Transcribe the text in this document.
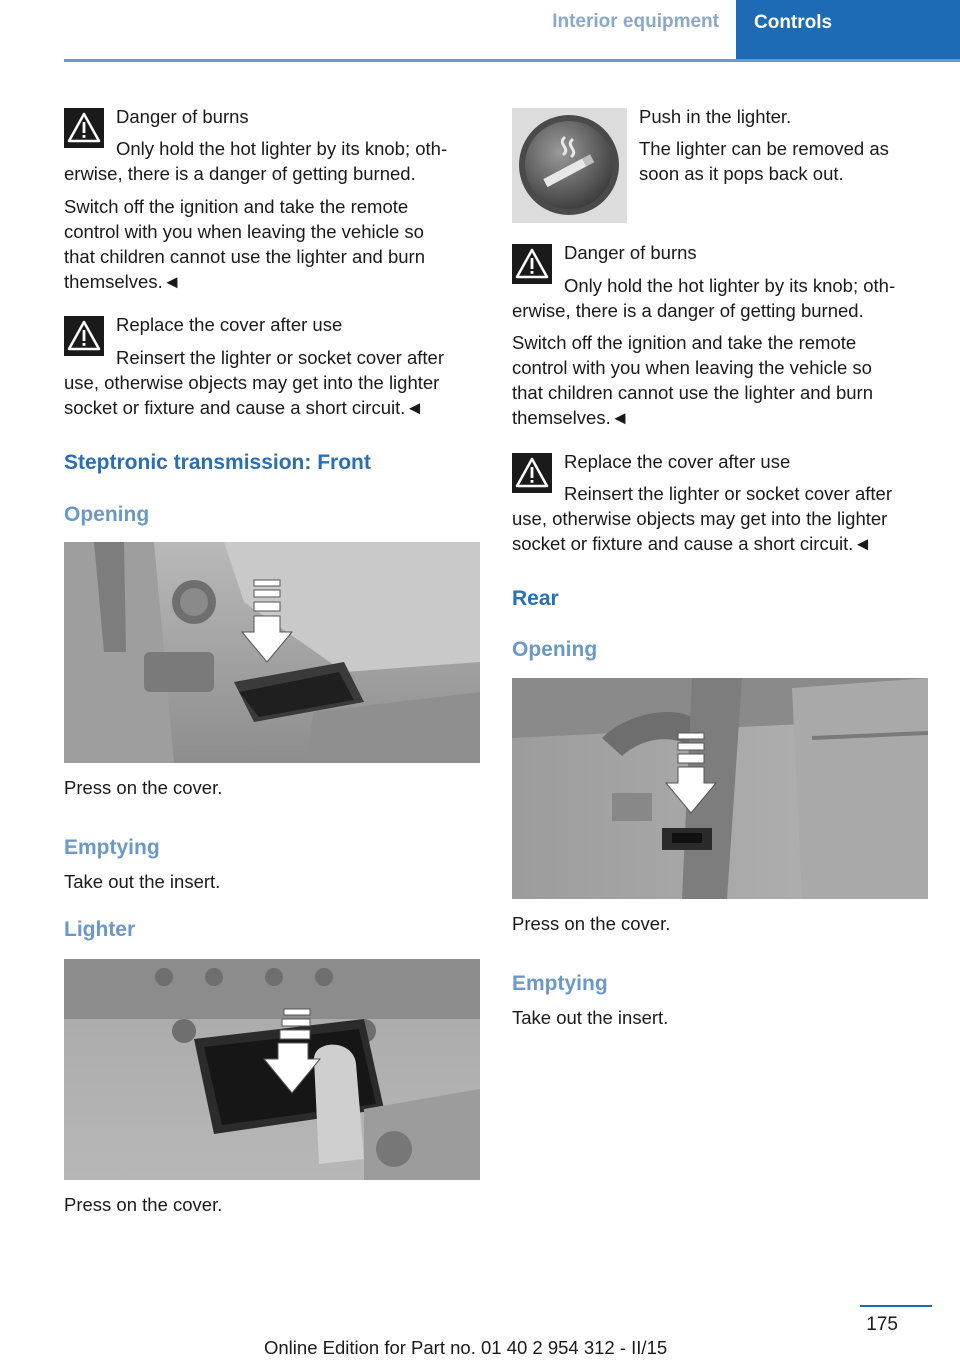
Interior equipment	Controls

Danger of burns

Only hold the hot lighter by its knob; oth-

erwise, there is a danger of getting burned.

Switch off the ignition and take the remote

control with you when leaving the vehicle so

that children cannot use the lighter and burn

themselves.◄

Replace the cover after use

Reinsert the lighter or socket cover after

use, otherwise objects may get into the lighter

socket or fixture and cause a short circuit.◄

Steptronic transmission: Front
Opening

Press on the cover.

Emptying

Take out the insert.

Lighter

Press on the cover.

Push in the lighter.

The lighter can be removed as

soon as it pops back out.

Danger of burns

Only hold the hot lighter by its knob; oth-

erwise, there is a danger of getting burned.

Switch off the ignition and take the remote

control with you when leaving the vehicle so

that children cannot use the lighter and burn

themselves.◄

Replace the cover after use

Reinsert the lighter or socket cover after

use, otherwise objects may get into the lighter

socket or fixture and cause a short circuit.◄

Rear
Opening

Press on the cover.

Emptying

Take out the insert.

175
Online Edition for Part no. 01 40 2 954 312 - II/15
